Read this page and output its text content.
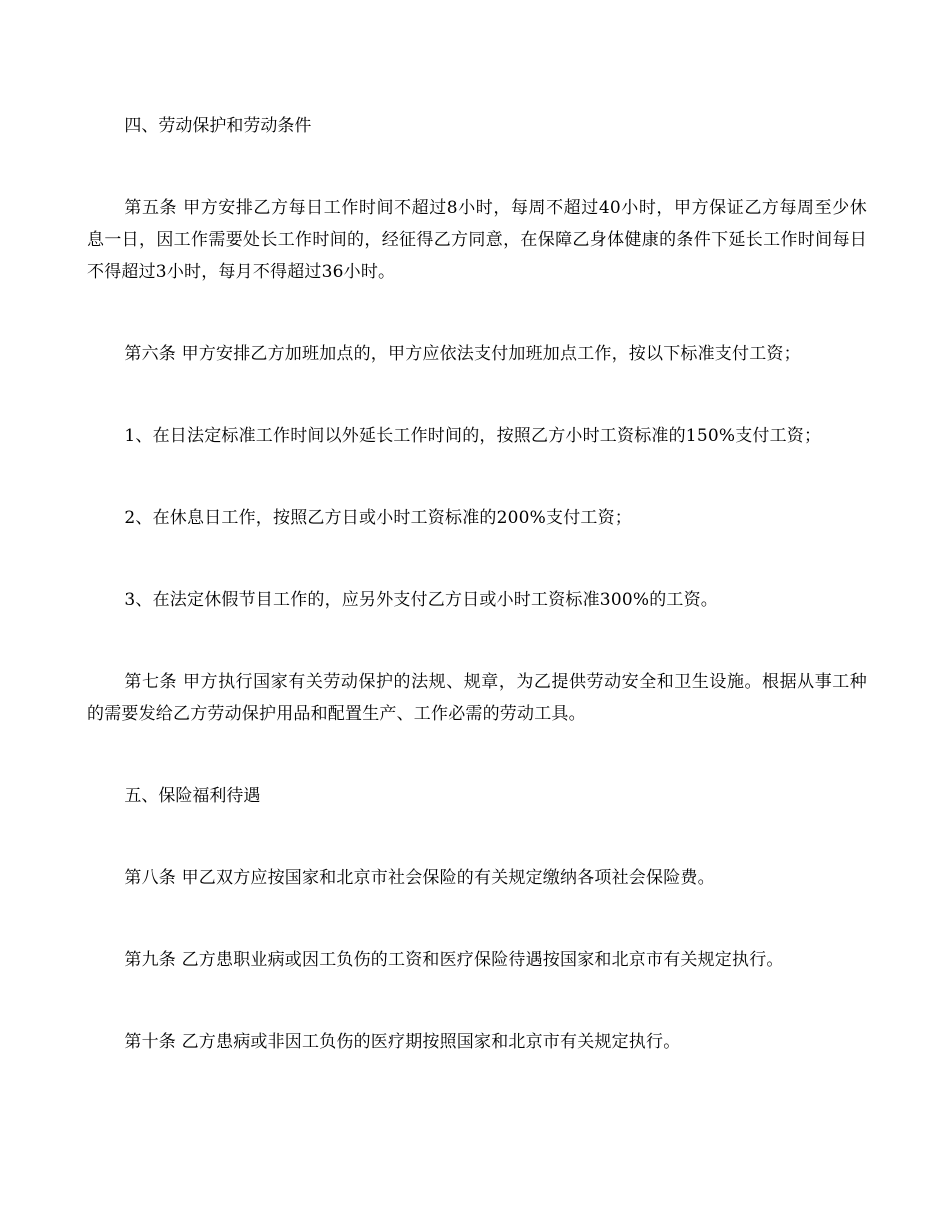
四、劳动保护和劳动条件

第五条 甲方安排乙方每日工作时间不超过8小时，每周不超过40小时，甲方保证乙方每周至少休息一日，因工作需要处长工作时间的，经征得乙方同意，在保障乙身体健康的条件下延长工作时间每日不得超过3小时，每月不得超过36小时。

第六条 甲方安排乙方加班加点的，甲方应依法支付加班加点工作，按以下标准支付工资；

1、在日法定标准工作时间以外延长工作时间的，按照乙方小时工资标准的150%支付工资；

2、在休息日工作，按照乙方日或小时工资标准的200%支付工资；

3、在法定休假节目工作的，应另外支付乙方日或小时工资标准300%的工资。

第七条 甲方执行国家有关劳动保护的法规、规章，为乙提供劳动安全和卫生设施。根据从事工种的需要发给乙方劳动保护用品和配置生产、工作必需的劳动工具。

五、保险福利待遇

第八条 甲乙双方应按国家和北京市社会保险的有关规定缴纳各项社会保险费。

第九条 乙方患职业病或因工负伤的工资和医疗保险待遇按国家和北京市有关规定执行。

第十条 乙方患病或非因工负伤的医疗期按照国家和北京市有关规定执行。
